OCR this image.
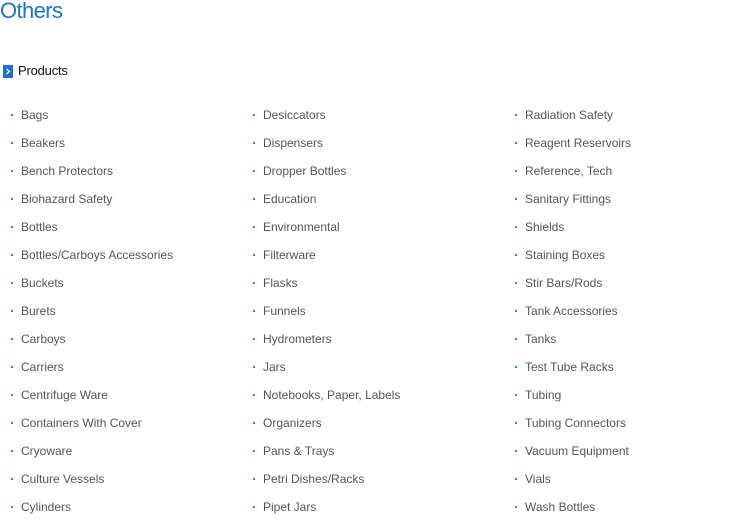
Others
Products
Bags
Beakers
Bench Protectors
Biohazard Safety
Bottles
Bottles/Carboys Accessories
Buckets
Burets
Carboys
Carriers
Centrifuge Ware
Containers With Cover
Cryoware
Culture Vessels
Cylinders
Desiccators
Dispensers
Dropper Bottles
Education
Environmental
Filterware
Flasks
Funnels
Hydrometers
Jars
Notebooks, Paper, Labels
Organizers
Pans & Trays
Petri Dishes/Racks
Pipet Jars
Radiation Safety
Reagent Reservoirs
Reference, Tech
Sanitary Fittings
Shields
Staining Boxes
Stir Bars/Rods
Tank Accessories
Tanks
Test Tube Racks
Tubing
Tubing Connectors
Vacuum Equipment
Vials
Wash Bottles
